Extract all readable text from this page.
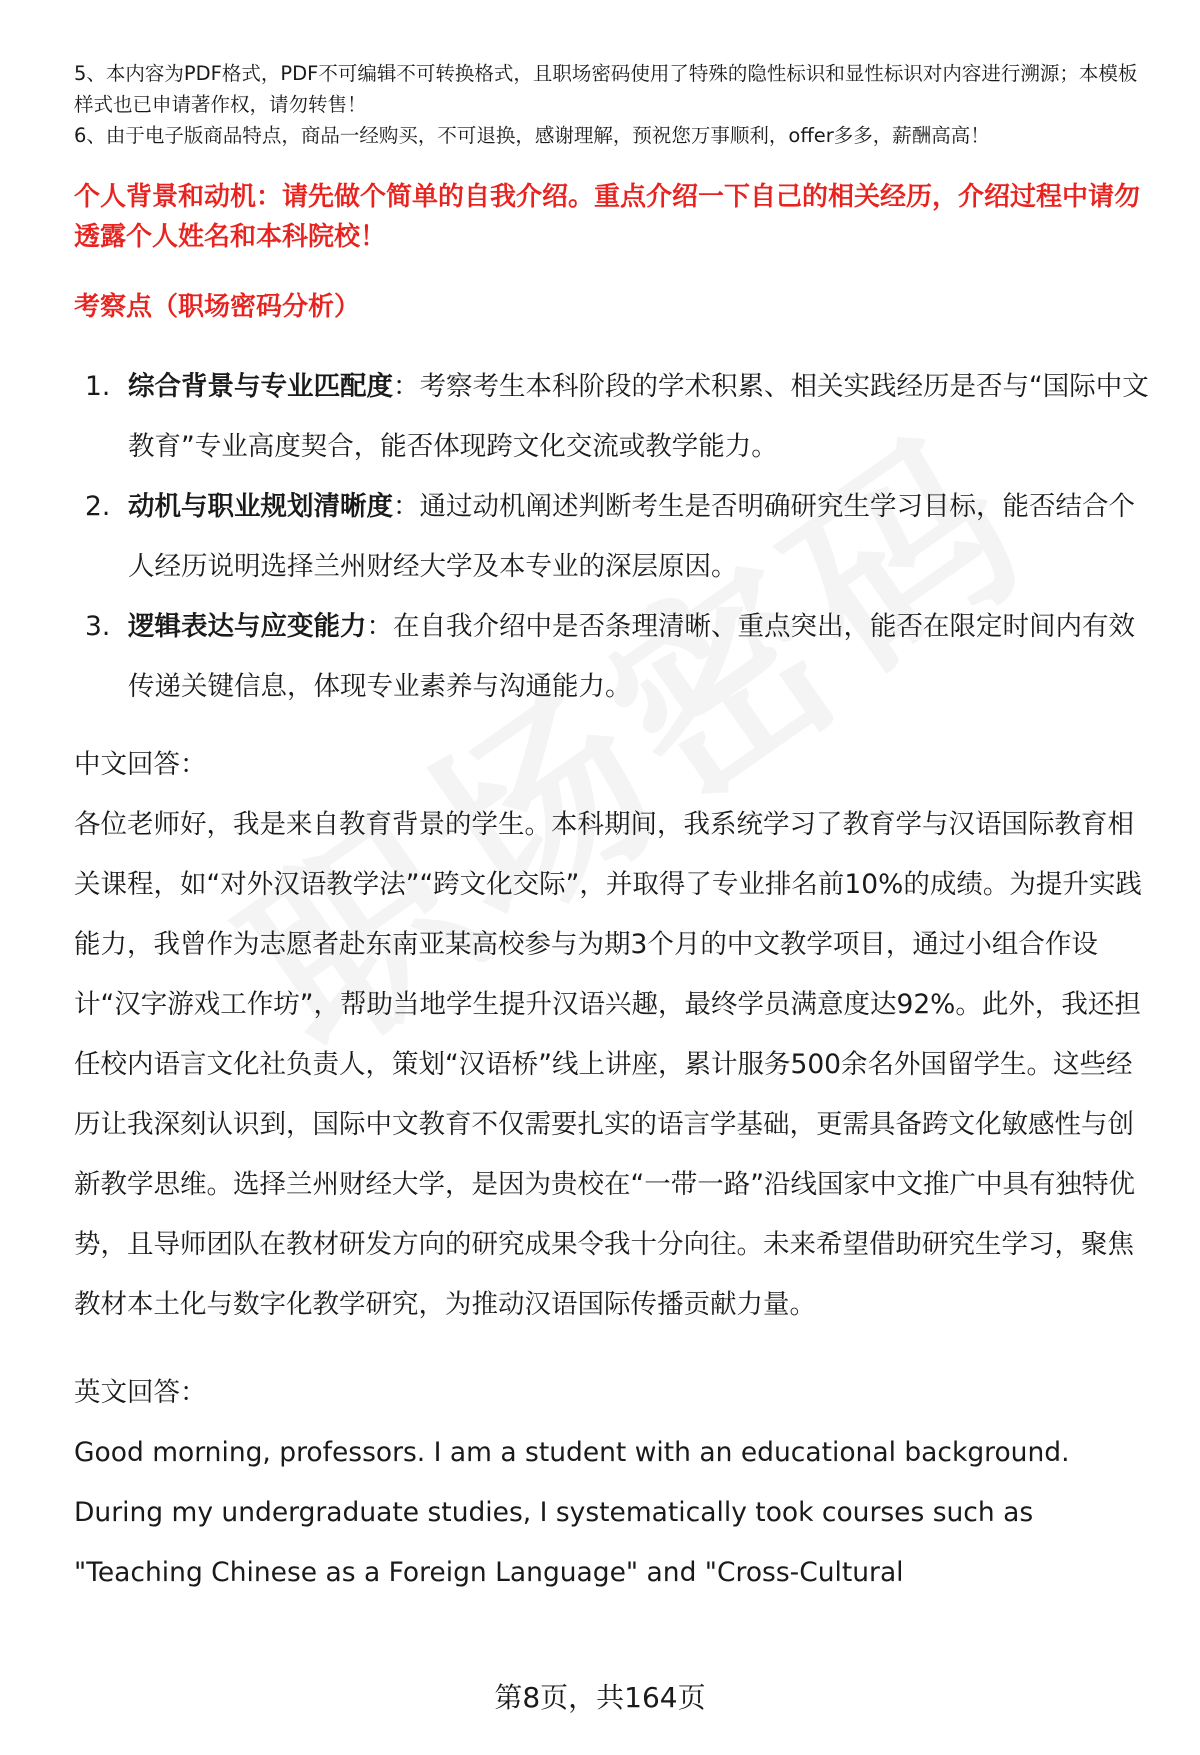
5、本内容为PDF格式，PDF不可编辑不可转换格式，且职场密码使用了特殊的隐性标识和显性标识对内容进行溯源；本模板样式也已申请著作权，请勿转售！

6、由于电子版商品特点，商品一经购买，不可退换，感谢理解，预祝您万事顺利，offer多多，薪酬高高！

个人背景和动机：请先做个简单的自我介绍。重点介绍一下自己的相关经历，介绍过程中请勿透露个人姓名和本科院校！

考察点（职场密码分析）

1. 综合背景与专业匹配度：考察考生本科阶段的学术积累、相关实践经历是否与“国际中文教育”专业高度契合，能否体现跨文化交流或教学能力。
2. 动机与职业规划清晰度：通过动机阐述判断考生是否明确研究生学习目标，能否结合个人经历说明选择兰州财经大学及本专业的深层原因。
3. 逻辑表达与应变能力：在自我介绍中是否条理清晰、重点突出，能否在限定时间内有效传递关键信息，体现专业素养与沟通能力。

中文回答：

各位老师好，我是来自教育背景的学生。本科期间，我系统学习了教育学与汉语国际教育相关课程，如“对外汉语教学法”“跨文化交际”，并取得了专业排名前10%的成绩。为提升实践能力，我曾作为志愿者赴东南亚某高校参与为期3个月的中文教学项目，通过小组合作设计“汉字游戏工作坊”，帮助当地学生提升汉语兴趣，最终学员满意度达92%。此外，我还担任校内语言文化社负责人，策划“汉语桥”线上讲座，累计服务500余名外国留学生。这些经历让我深刻认识到，国际中文教育不仅需要扎实的语言学基础，更需具备跨文化敏感性与创新教学思维。选择兰州财经大学，是因为贵校在“一带一路”沿线国家中文推广中具有独特优势，且导师团队在教材研发方向的研究成果令我十分向往。未来希望借助研究生学习，聚焦教材本土化与数字化教学研究，为推动汉语国际传播贡献力量。

英文回答：

Good morning, professors. I am a student with an educational background. During my undergraduate studies, I systematically took courses such as "Teaching Chinese as a Foreign Language" and "Cross-Cultural

第8页，共164页
